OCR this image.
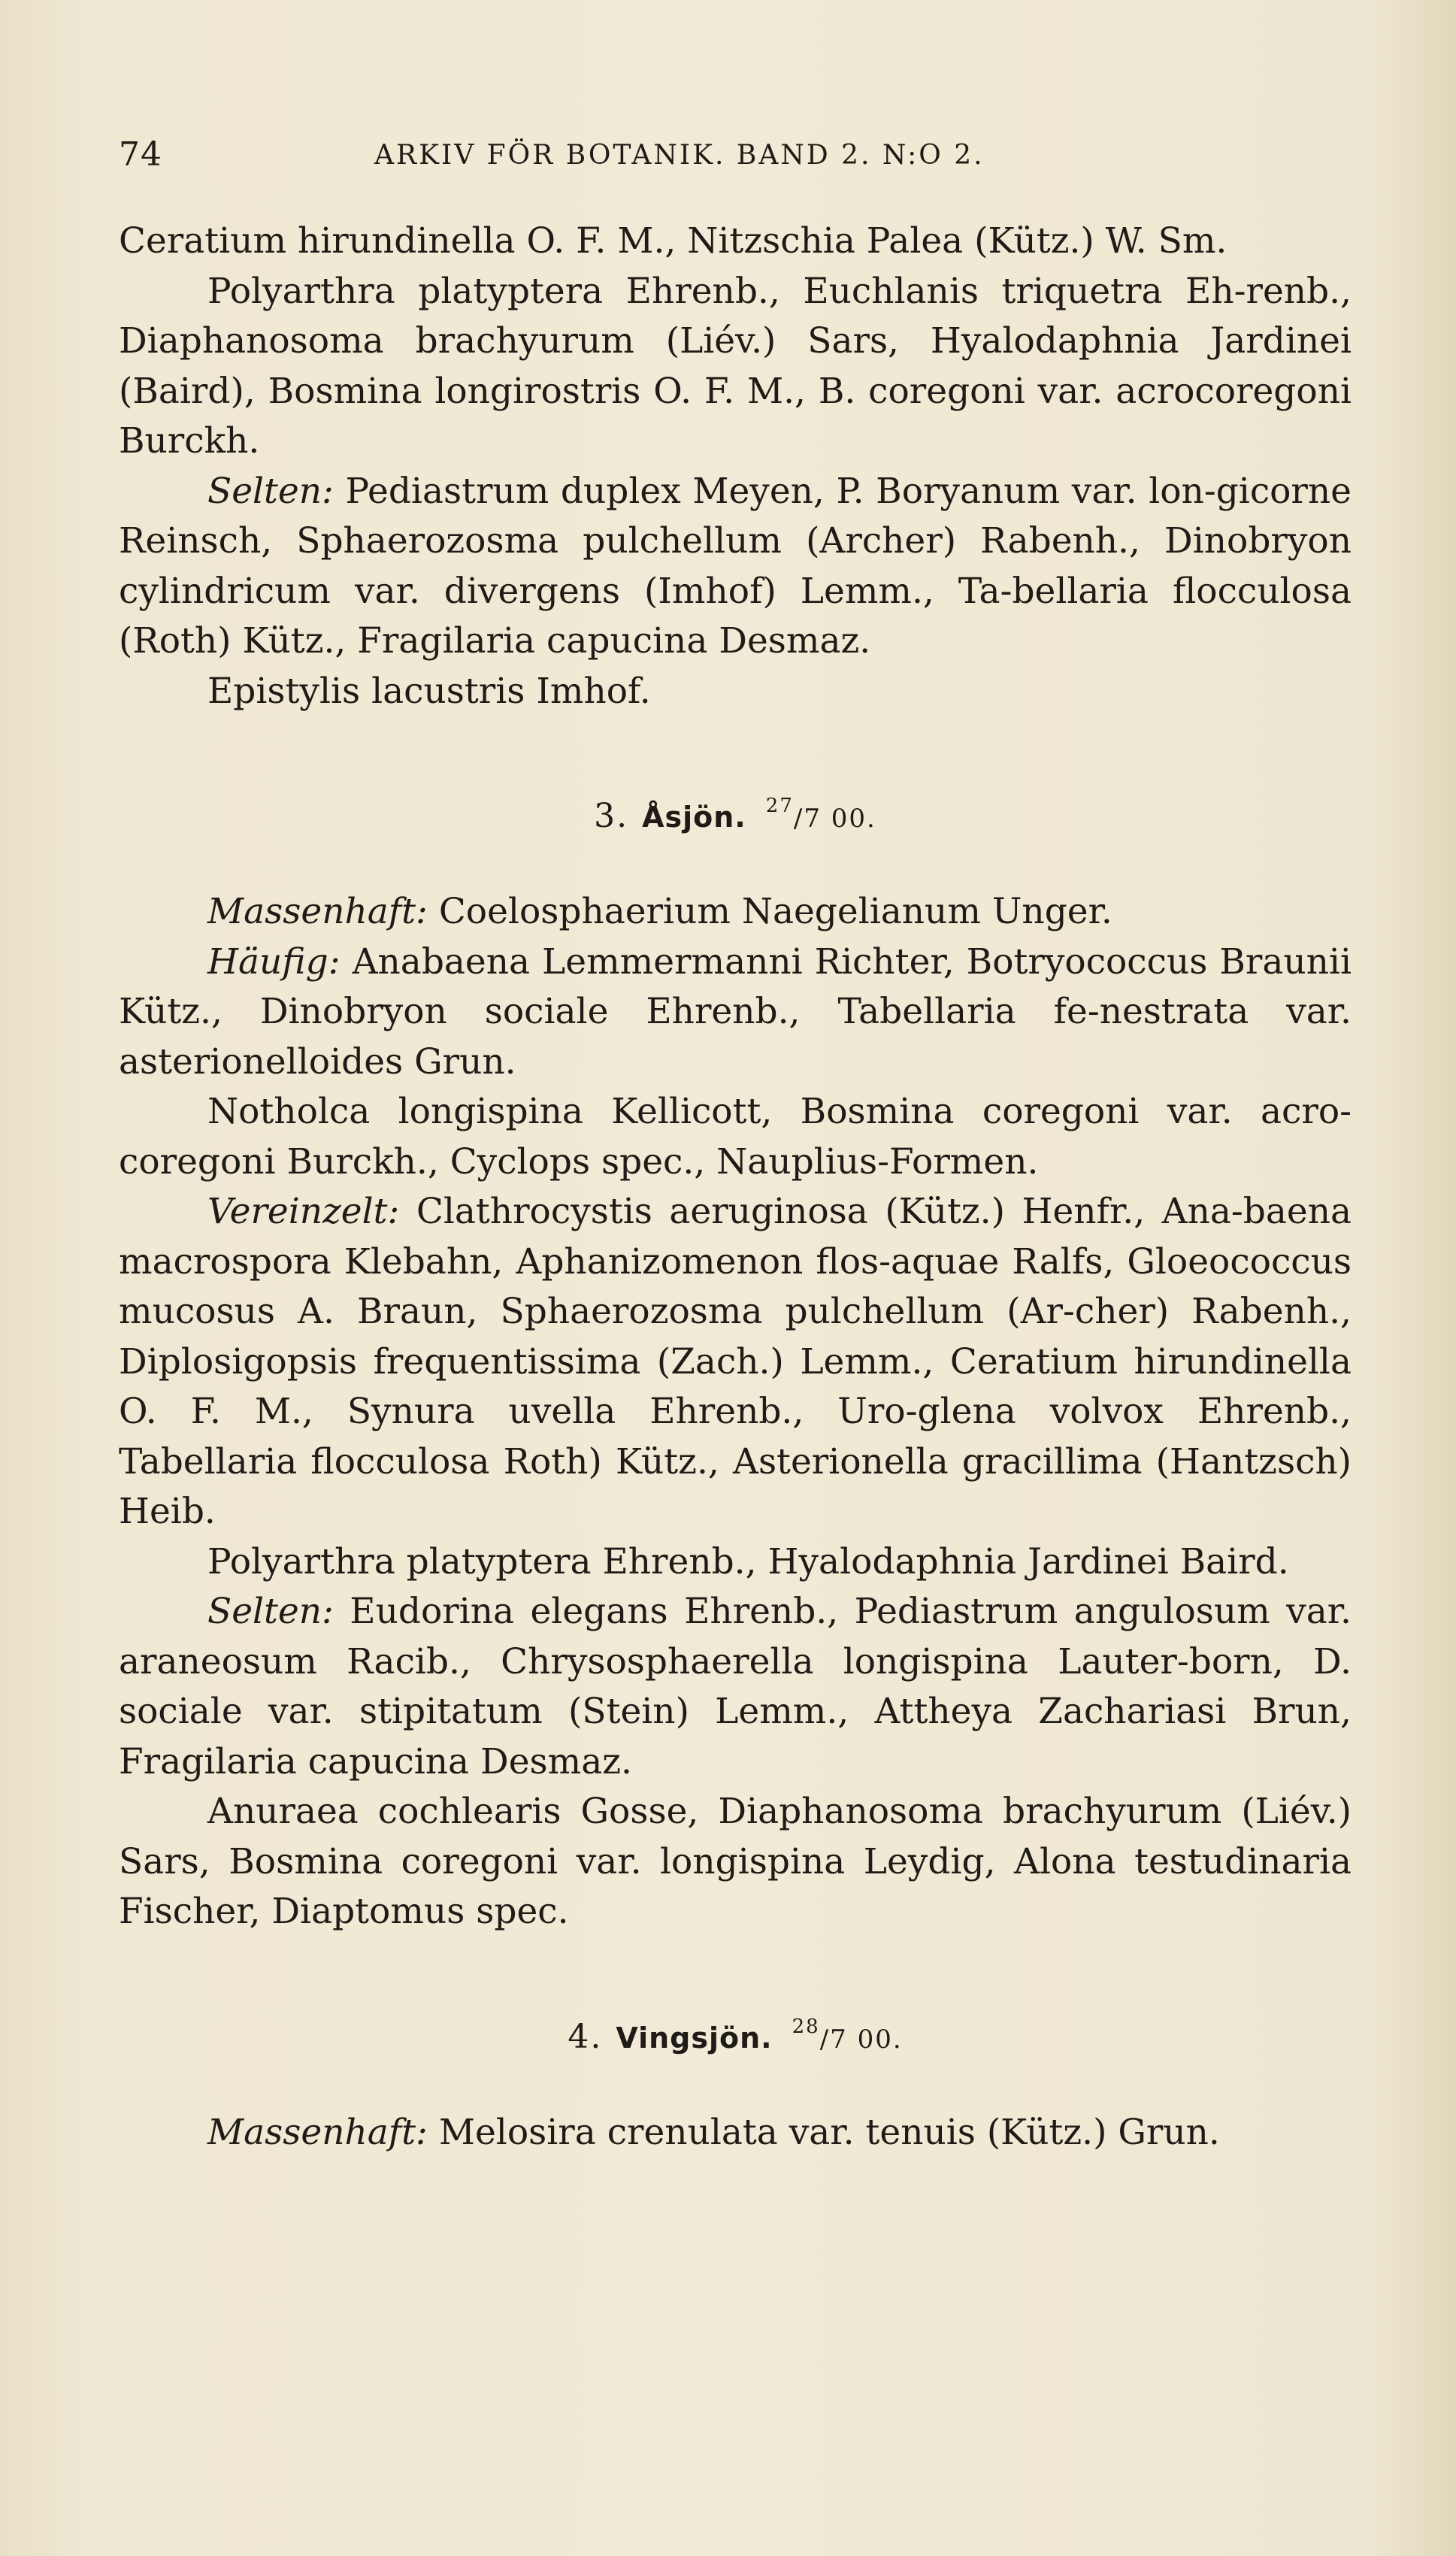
74	ARKIV FÖR BOTANIK. BAND 2. N:O 2.

Ceratium hirundinella O. F. M., Nitzschia Palea (Kütz.) W. Sm.

Polyarthra platyptera Ehrenb., Euchlanis triquetra Eh-renb., Diaphanosoma brachyurum (Liév.) Sars, Hyalodaphnia Jardinei (Baird), Bosmina longirostris O. F. M., B. coregoni var. acrocoregoni Burckh.

Selten: Pediastrum duplex Meyen, P. Boryanum var. lon-gicorne Reinsch, Sphaerozosma pulchellum (Archer) Rabenh., Dinobryon cylindricum var. divergens (Imhof) Lemm., Ta-bellaria flocculosa (Roth) Kütz., Fragilaria capucina Desmaz.

Epistylis lacustris Imhof.

3. Åsjön. $^{27}$/7 00.

Massenhaft: Coelosphaerium Naegelianum Unger.

Häufig: Anabaena Lemmermanni Richter, Botryococcus Braunii Kütz., Dinobryon sociale Ehrenb., Tabellaria fe-nestrata var. asterionelloides Grun.

Notholca longispina Kellicott, Bosmina coregoni var. acro-coregoni Burckh., Cyclops spec., Nauplius-Formen.

Vereinzelt: Clathrocystis aeruginosa (Kütz.) Henfr., Ana-baena macrospora Klebahn, Aphanizomenon flos-aquae Ralfs, Gloeococcus mucosus A. Braun, Sphaerozosma pulchellum (Ar-cher) Rabenh., Diplosigopsis frequentissima (Zach.) Lemm., Ceratium hirundinella O. F. M., Synura uvella Ehrenb., Uro-glena volvox Ehrenb., Tabellaria flocculosa Roth) Kütz., Asterionella gracillima (Hantzsch) Heib.

Polyarthra platyptera Ehrenb., Hyalodaphnia Jardinei Baird.

Selten: Eudorina elegans Ehrenb., Pediastrum angulosum var. araneosum Racib., Chrysosphaerella longispina Lauter-born, D. sociale var. stipitatum (Stein) Lemm., Attheya Zachariasi Brun, Fragilaria capucina Desmaz.

Anuraea cochlearis Gosse, Diaphanosoma brachyurum (Liév.) Sars, Bosmina coregoni var. longispina Leydig, Alona testudinaria Fischer, Diaptomus spec.

4. Vingsjön. $^{28}$/7 00.

Massenhaft: Melosira crenulata var. tenuis (Kütz.) Grun.
